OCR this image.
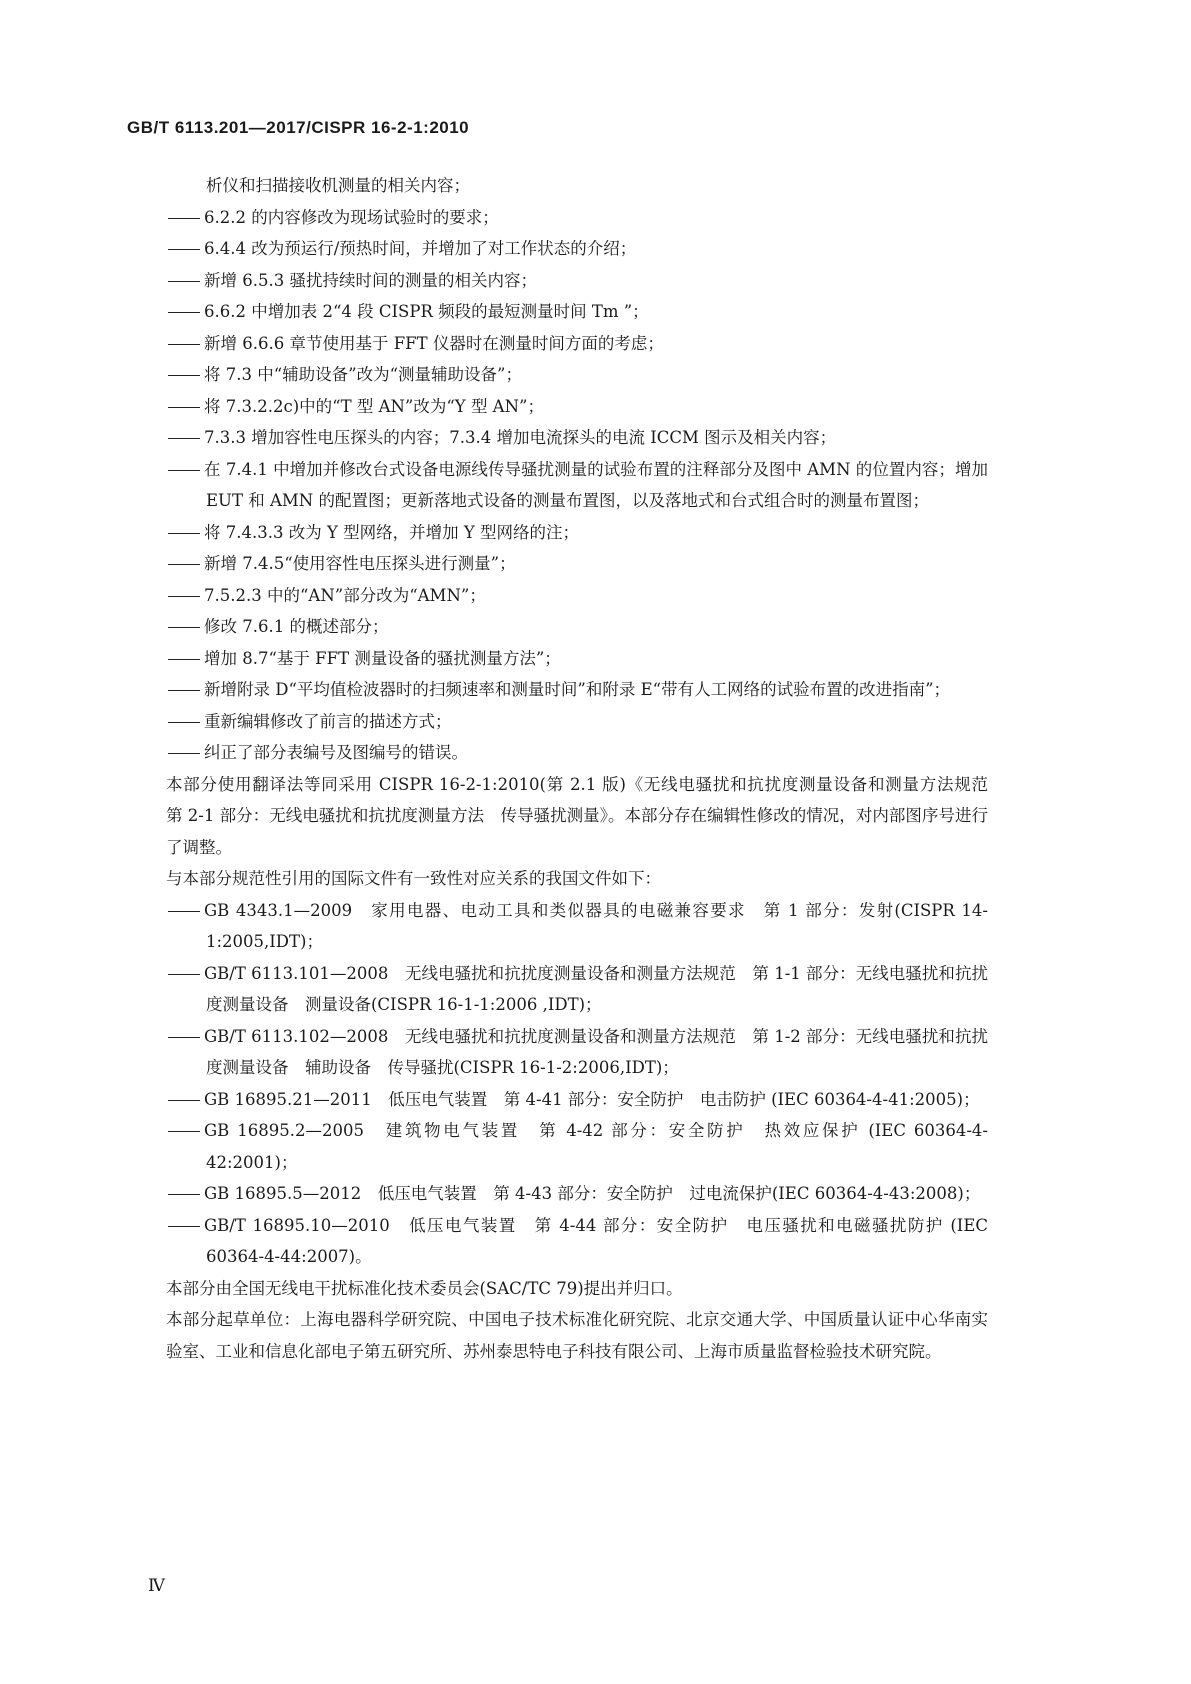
GB/T 6113.201—2017/CISPR 16-2-1:2010
析仪和扫描接收机测量的相关内容；
6.2.2 的内容修改为现场试验时的要求；
6.4.4 改为预运行/预热时间，并增加了对工作状态的介绍；
新增 6.5.3 骚扰持续时间的测量的相关内容；
6.6.2 中增加表 2“4 段 CISPR 频段的最短测量时间 Tm ”；
新增 6.6.6 章节使用基于 FFT 仪器时在测量时间方面的考虑；
将 7.3 中“辅助设备”改为“测量辅助设备”；
将 7.3.2.2c)中的“T 型 AN”改为“Y 型 AN”；
7.3.3 增加容性电压探头的内容；7.3.4 增加电流探头的电流 ICCM 图示及相关内容；
在 7.4.1 中增加并修改台式设备电源线传导骚扰测量的试验布置的注释部分及图中 AMN 的位置内容；增加 EUT 和 AMN 的配置图；更新落地式设备的测量布置图，以及落地式和台式组合时的测量布置图；
将 7.4.3.3 改为 Y 型网络，并增加 Y 型网络的注；
新增 7.4.5“使用容性电压探头进行测量”；
7.5.2.3 中的“AN”部分改为“AMN”；
修改 7.6.1 的概述部分；
增加 8.7“基于 FFT 测量设备的骚扰测量方法”；
新增附录 D“平均值检波器时的扫频速率和测量时间”和附录 E“带有人工网络的试验布置的改进指南”；
重新编辑修改了前言的描述方式；
纠正了部分表编号及图编号的错误。
本部分使用翻译法等同采用 CISPR 16-2-1:2010(第 2.1 版)《无线电骚扰和抗扰度测量设备和测量方法规范　第 2-1 部分：无线电骚扰和抗扰度测量方法　传导骚扰测量》。本部分存在编辑性修改的情况，对内部图序号进行了调整。
与本部分规范性引用的国际文件有一致性对应关系的我国文件如下：
GB 4343.1—2009　家用电器、电动工具和类似器具的电磁兼容要求　第 1 部分：发射(CISPR 14-1:2005,IDT)；
GB/T 6113.101—2008　无线电骚扰和抗扰度测量设备和测量方法规范　第 1-1 部分：无线电骚扰和抗扰度测量设备　测量设备(CISPR 16-1-1:2006 ,IDT)；
GB/T 6113.102—2008　无线电骚扰和抗扰度测量设备和测量方法规范　第 1-2 部分：无线电骚扰和抗扰度测量设备　辅助设备　传导骚扰(CISPR 16-1-2:2006,IDT)；
GB 16895.21—2011　低压电气装置　第 4-41 部分：安全防护　电击防护 (IEC 60364-4-41:2005)；
GB 16895.2—2005　建筑物电气装置　第 4-42 部分：安全防护　热效应保护 (IEC 60364-4-42:2001)；
GB 16895.5—2012　低压电气装置　第 4-43 部分：安全防护　过电流保护(IEC 60364-4-43:2008)；
GB/T 16895.10—2010　低压电气装置　第 4-44 部分：安全防护　电压骚扰和电磁骚扰防护 (IEC 60364-4-44:2007)。
本部分由全国无线电干扰标准化技术委员会(SAC/TC 79)提出并归口。
本部分起草单位：上海电器科学研究院、中国电子技术标准化研究院、北京交通大学、中国质量认证中心华南实验室、工业和信息化部电子第五研究所、苏州泰思特电子科技有限公司、上海市质量监督检验技术研究院。
Ⅳ
